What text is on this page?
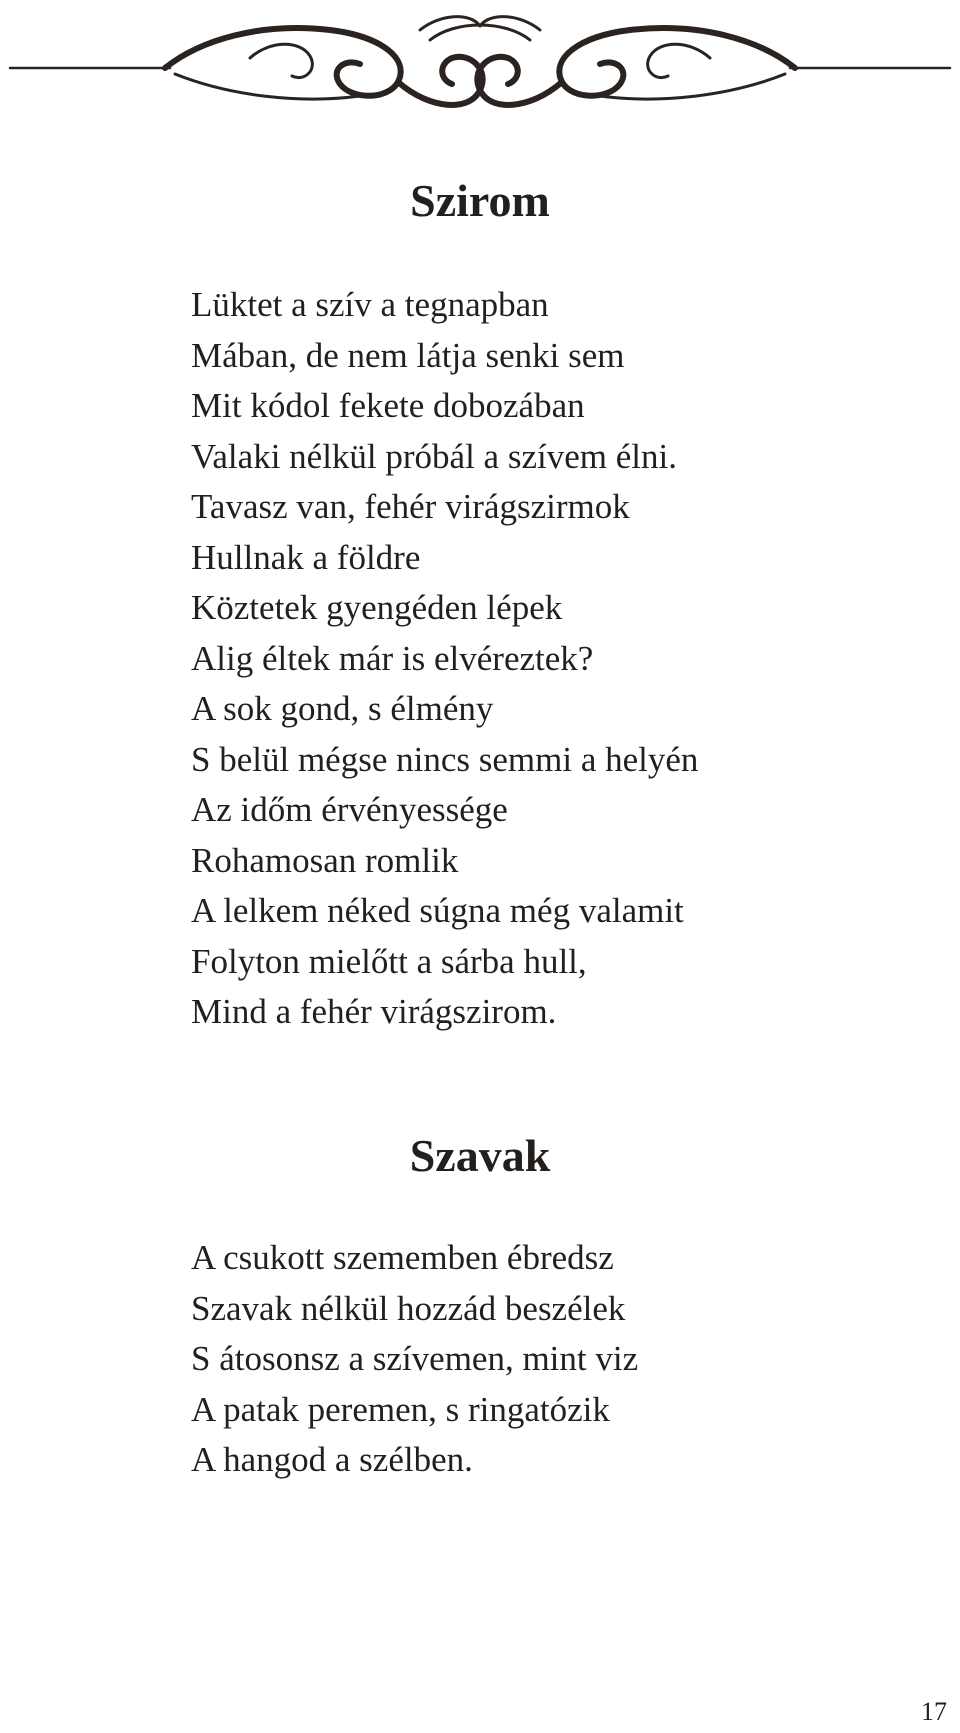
Szirom
Lüktet a szív a tegnapban
Mában, de nem látja senki sem
Mit kódol fekete dobozában
Valaki nélkül próbál a szívem élni.
Tavasz van, fehér virágszirmok
Hullnak a földre
Köztetek gyengéden lépek
Alig éltek már is elvéreztek?
A sok gond, s élmény
S belül mégse nincs semmi a helyén
Az időm érvényessége
Rohamosan romlik
A lelkem néked súgna még valamit
Folyton mielőtt a sárba hull,
Mind a fehér virágszirom.
Szavak
A csukott szememben ébredsz
Szavak nélkül hozzád beszélek
S átosonsz a szívemen, mint viz
A patak peremen, s ringatózik
A hangod a szélben.
17
